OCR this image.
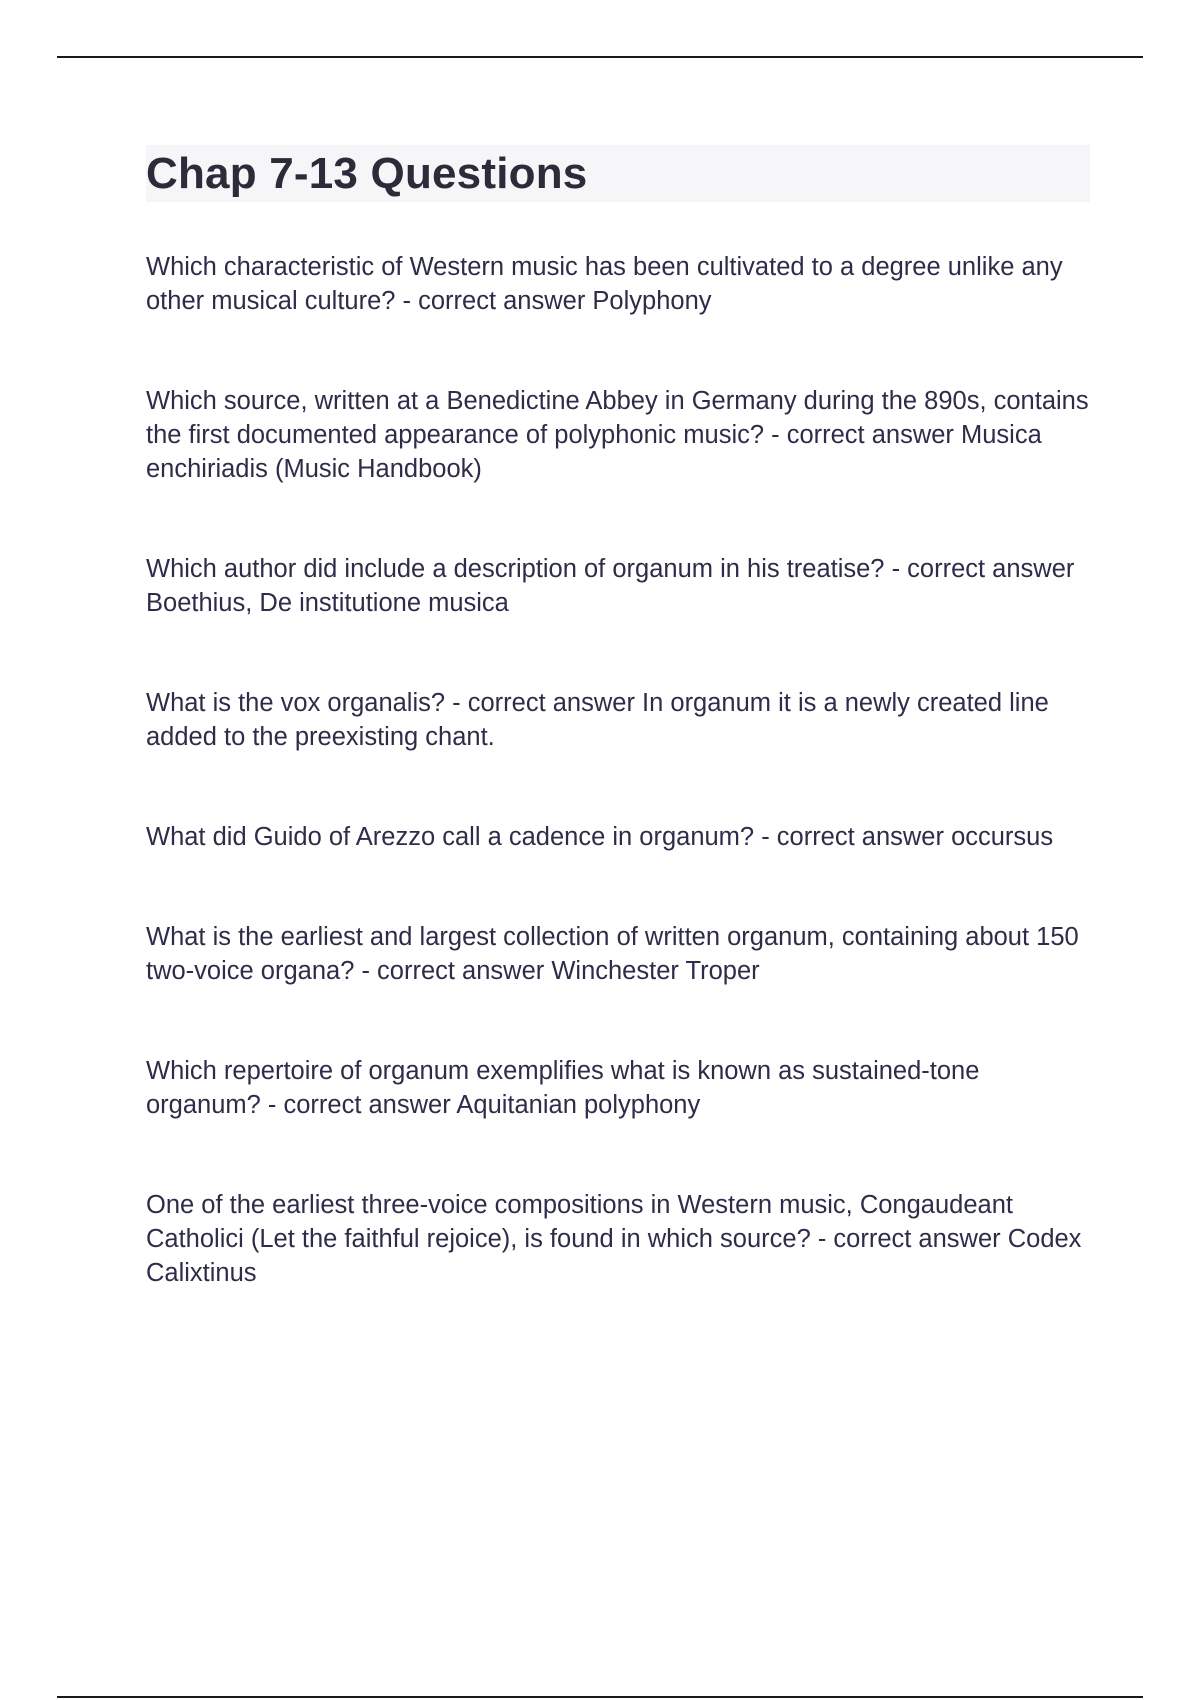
Chap 7-13 Questions

Which characteristic of Western music has been cultivated to a degree unlike any other musical culture? - correct answer Polyphony

Which source, written at a Benedictine Abbey in Germany during the 890s, contains the first documented appearance of polyphonic music? - correct answer Musica enchiriadis (Music Handbook)

Which author did include a description of organum in his treatise? - correct answer Boethius, De institutione musica

What is the vox organalis? - correct answer In organum it is a newly created line added to the preexisting chant.

What did Guido of Arezzo call a cadence in organum? - correct answer occursus

What is the earliest and largest collection of written organum, containing about 150 two-voice organa? - correct answer Winchester Troper

Which repertoire of organum exemplifies what is known as sustained-tone organum? - correct answer Aquitanian polyphony

One of the earliest three-voice compositions in Western music, Congaudeant Catholici (Let the faithful rejoice), is found in which source? - correct answer Codex Calixtinus
